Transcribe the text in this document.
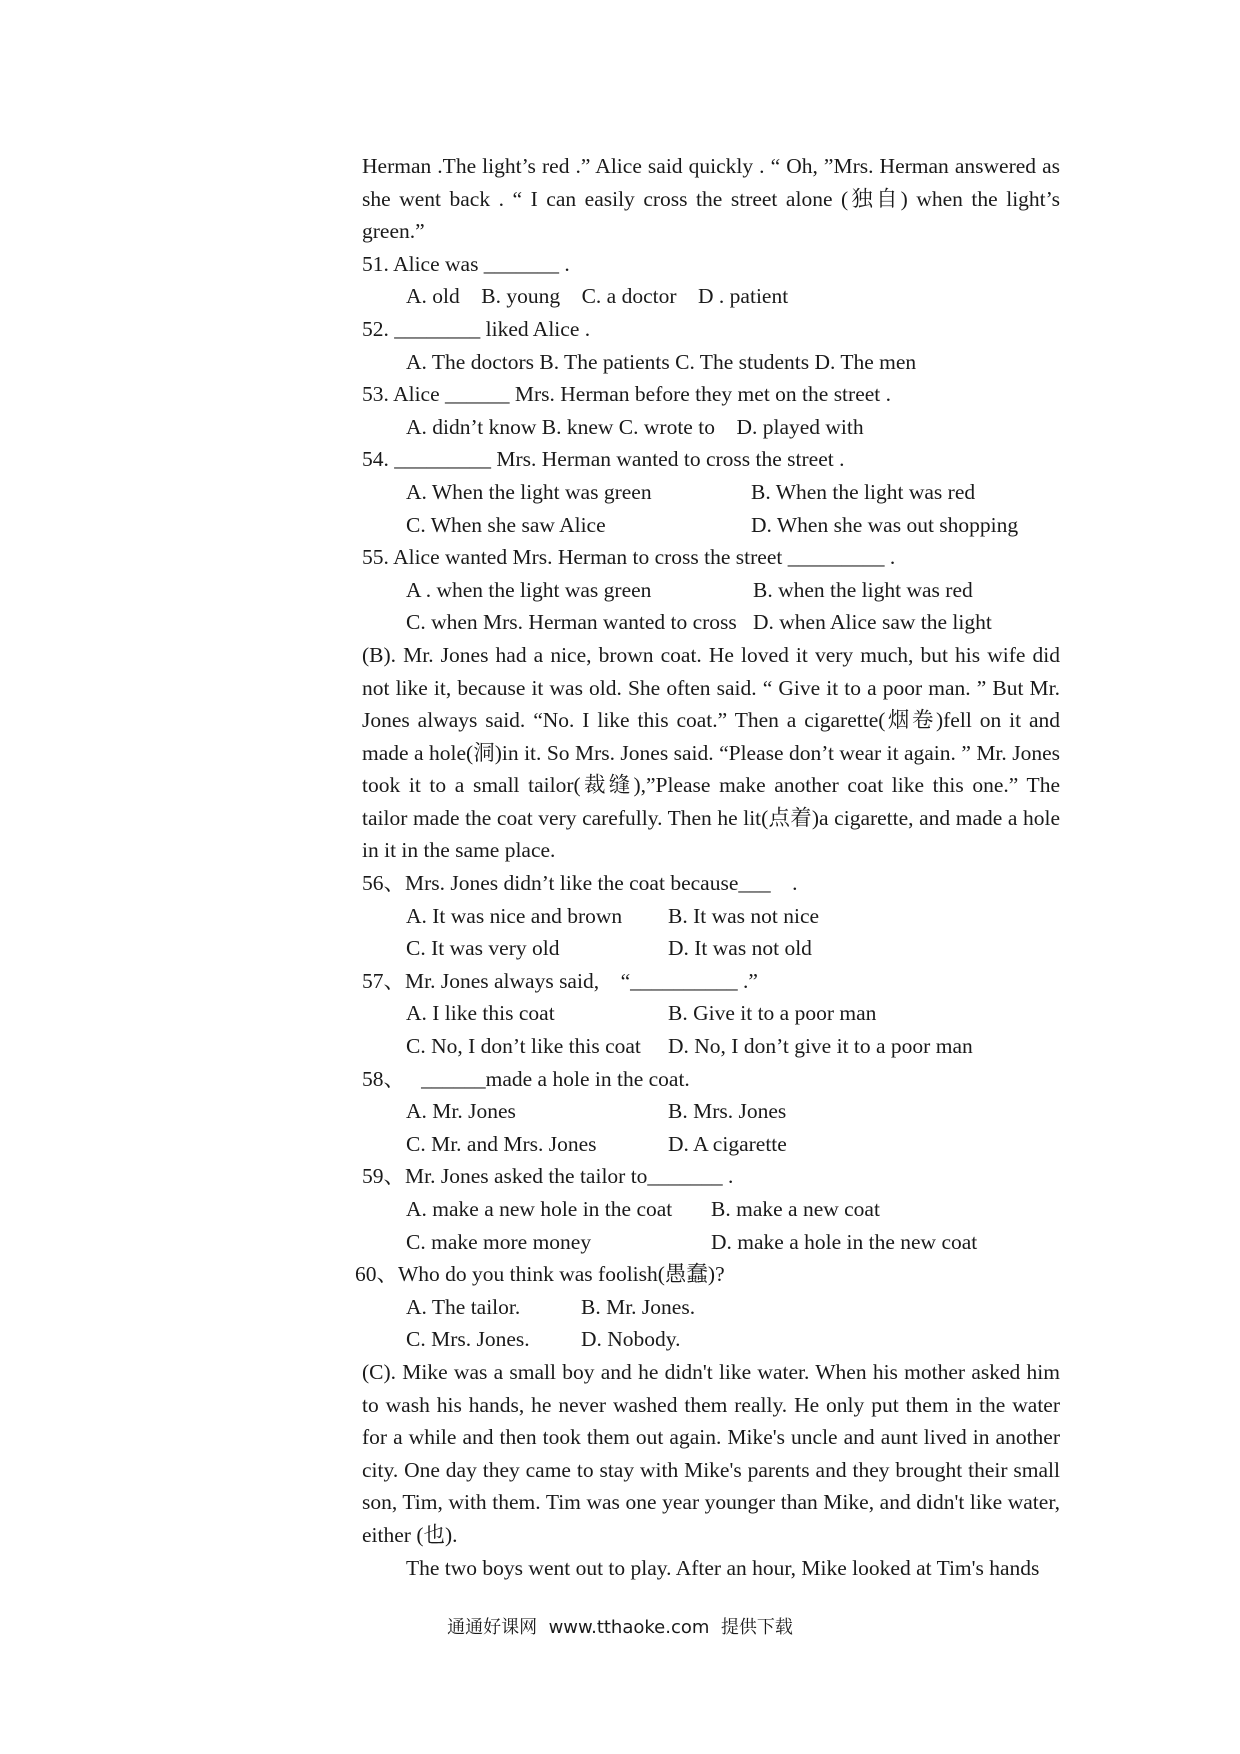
Herman .The light’s red .” Alice said quickly . “ Oh, ”Mrs. Herman answered as she went back . “ I can easily cross the street alone (独自) when the light’s green.”

51. Alice was _______ .

A. old    B. young    C. a doctor    D . patient

52. ________ liked Alice .

A. The doctors B. The patients C. The students D. The men

53. Alice ______ Mrs. Herman before they met on the street .

A. didn’t know B. knew C. wrote to    D. played with

54. _________ Mrs. Herman wanted to cross the street .

A. When the light was green	B. When the light was red
C. When she saw Alice	D. When she was out shopping

55. Alice wanted Mrs. Herman to cross the street _________ .

A . when the light was green	B. when the light was red
C. when Mrs. Herman wanted to cross D. when Alice saw the light

(B). Mr. Jones had a nice, brown coat. He loved it very much, but his wife did not like it, because it was old. She often said. “ Give it to a poor man. ” But Mr. Jones always said. “No. I like this coat.” Then a cigarette(烟卷)fell on it and made a hole(洞)in it. So Mrs. Jones said. “Please don’t wear it again. ” Mr. Jones took it to a small tailor(裁缝),”Please make another coat like this one.” The tailor made the coat very carefully. Then he lit(点着)a cigarette, and made a hole in it in the same place.

56、Mrs. Jones didn’t like the coat because___    .

A. It was nice and brown	B. It was not nice
C. It was very old	D. It was not old

57、Mr. Jones always said,    “__________ .”

A. I like this coat	B. Give it to a poor man
C. No, I don’t like this coat	D. No, I don’t give it to a poor man

58、   ______made a hole in the coat.

A. Mr. Jones	B. Mrs. Jones
C. Mr. and Mrs. Jones	D. A cigarette

59、Mr. Jones asked the tailor to_______ .

A. make a new hole in the coat	B. make a new coat
C. make more money	D. make a hole in the new coat

60、Who do you think was foolish(愚蠢)?

A. The tailor.	B. Mr. Jones.
C. Mrs. Jones.	D. Nobody.

(C). Mike was a small boy and he didn't like water. When his mother asked him to wash his hands, he never washed them really. He only put them in the water for a while and then took them out again. Mike's uncle and aunt lived in another city. One day they came to stay with Mike's parents and they brought their small son, Tim, with them. Tim was one year younger than Mike, and didn't like water, either (也).

The two boys went out to play. After an hour, Mike looked at Tim's hands

通通好课网  www.tthaoke.com  提供下载
